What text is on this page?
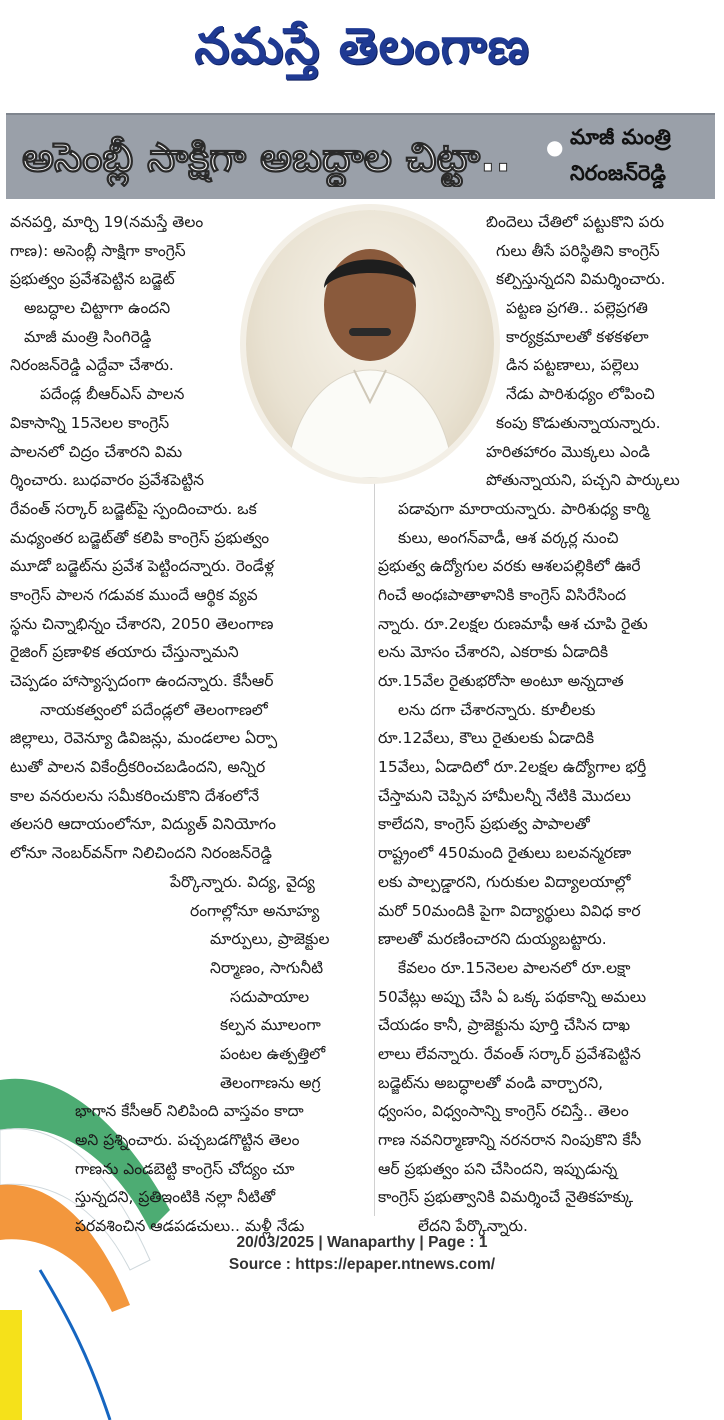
నమస్తే తెలంగాణ
అసెంబ్లీ సాక్షిగా అబద్ధాల చిట్టా..	● మాజీ మంత్రి
నిరంజన్‌రెడ్డి
వనపర్తి, మార్చి 19(నమస్తే తెలం
గాణ): అసెంబ్లీ సాక్షిగా కాంగ్రెస్
ప్రభుత్వం ప్రవేశపెట్టిన బడ్జెట్
అబద్ధాల చిట్టాగా ఉందని
మాజీ మంత్రి సింగిరెడ్డి
నిరంజన్‌రెడ్డి ఎద్దేవా చేశారు.
పదేండ్ల బీఆర్‌ఎస్ పాలన
వికాసాన్ని 15నెలల కాంగ్రెస్
పాలనలో చిద్రం చేశారని విమ
ర్శించారు. బుధవారం ప్రవేశపెట్టిన
రేవంత్ సర్కార్ బడ్జెట్‌పై స్పందించారు. ఒక
మధ్యంతర బడ్జెట్‌తో కలిపి కాంగ్రెస్ ప్రభుత్వం
మూడో బడ్జెట్‌ను ప్రవేశ పెట్టిందన్నారు. రెండేళ్ల
కాంగ్రెస్ పాలన గడువక ముందే ఆర్థిక వ్యవ
స్థను చిన్నాభిన్నం చేశారని, 2050 తెలంగాణ
రైజింగ్ ప్రణాళిక తయారు చేస్తున్నామని
చెప్పడం హాస్యాస్పదంగా ఉందన్నారు. కేసీఆర్
నాయకత్వంలో పదేండ్లలో తెలంగాణలో
జిల్లాలు, రెవెన్యూ డివిజన్లు, మండలాల ఏర్పా
టుతో పాలన వికేంద్రీకరించబడిందని, అన్నిర
కాల వనరులను సమీకరించుకొని దేశంలోనే
తలసరి ఆదాయంలోనూ, విద్యుత్ వినియోగం
లోనూ నెంబర్‌వన్‌గా నిలిచిందని నిరంజన్‌రెడ్డి
పేర్కొన్నారు. విద్య, వైద్య
రంగాల్లోనూ అనూహ్య
మార్పులు, ప్రాజెక్టుల
నిర్మాణం, సాగునీటి
సదుపాయాల
కల్పన మూలంగా
పంటల ఉత్పత్తిలో
తెలంగాణను అగ్ర
భాగాన కేసీఆర్ నిలిపింది వాస్తవం కాదా
అని ప్రశ్నించారు. పచ్చబడగొట్టిన తెలం
గాణను ఎండబెట్టి కాంగ్రెస్ చోద్యం చూ
స్తున్నదని, ప్రతిఇంటికి నల్లా నీటితో
పరవశించిన ఆడపడచులు.. మళ్లీ నేడు
బిందెలు చేతిలో పట్టుకొని పరు
గులు తీసే పరిస్థితిని కాంగ్రెస్
కల్పిస్తున్నదని విమర్శించారు.
పట్టణ ప్రగతి.. పల్లెప్రగతి
కార్యక్రమాలతో కళకళలా
డిన పట్టణాలు, పల్లెలు
నేడు పారిశుధ్యం లోపించి
కంపు కొడుతున్నాయన్నారు.
హరితహారం మొక్కలు ఎండి
పోతున్నాయని, పచ్చని పార్కులు
పడావుగా మారాయన్నారు. పారిశుధ్య కార్మి
కులు, అంగన్‌వాడీ, ఆశ వర్కర్ల నుంచి
ప్రభుత్వ ఉద్యోగుల వరకు ఆశలపల్లికిలో ఊరే
గించే అంధఃపాతాళానికి కాంగ్రెస్ విసిరేసింద
న్నారు. రూ.2లక్షల రుణమాఫీ ఆశ చూపి రైతు
లను మోసం చేశారని, ఎకరాకు ఏడాదికి
రూ.15వేల రైతుభరోసా అంటూ అన్నదాత
లను దగా చేశారన్నారు. కూలీలకు
రూ.12వేలు, కౌలు రైతులకు ఏడాదికి
15వేలు, ఏడాదిలో రూ.2లక్షల ఉద్యోగాల భర్తీ
చేస్తామని చెప్పిన హామీలన్నీ నేటికి మొదలు
కాలేదని, కాంగ్రెస్ ప్రభుత్వ పాపాలతో
రాష్ట్రంలో 450మంది రైతులు బలవన్మరణా
లకు పాల్పడ్డారని, గురుకుల విద్యాలయాల్లో
మరో 50మందికి పైగా విద్యార్థులు వివిధ కార
ణాలతో మరణించారని దుయ్యబట్టారు.
కేవలం రూ.15నెలల పాలనలో రూ.లక్షా
50వేట్లు అప్పు చేసి ఏ ఒక్క పథకాన్ని అమలు
చేయడం కానీ, ప్రాజెక్టును పూర్తి చేసిన దాఖ
లాలు లేవన్నారు. రేవంత్ సర్కార్ ప్రవేశపెట్టిన
బడ్జెట్‌ను అబద్ధాలతో వండి వార్చారని,
ధ్వంసం, విధ్వంసాన్ని కాంగ్రెస్ రచిస్తే.. తెలం
గాణ నవనిర్మాణాన్ని నరనరాన నింపుకొని కేసీ
ఆర్ ప్రభుత్వం పని చేసిందని, ఇప్పుడున్న
కాంగ్రెస్ ప్రభుత్వానికి విమర్శించే నైతికహక్కు
లేదని పేర్కొన్నారు.
20/03/2025 | Wanaparthy | Page : 1
Source : https://epaper.ntnews.com/
